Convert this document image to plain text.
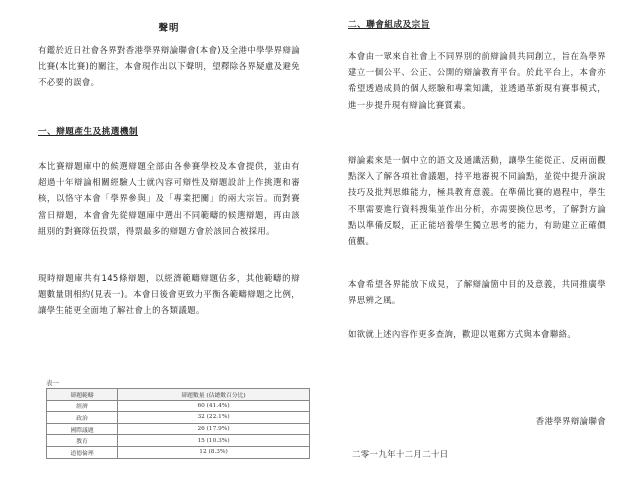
聲明

有鑑於近日社會各界對香港學界辯論聯會(本會)及全港中學學界辯論比賽(本比賽)的關注，本會現作出以下聲明，望釋除各界疑慮及避免不必要的誤會。

一、辯題產生及挑選機制

本比賽辯題庫中的候選辯題全部由各參賽學校及本會提供，並由有超過十年辯論相關經驗人士就內容可辯性及辯題設計上作挑選和審核，以恪守本會「學界參與」及「專業把關」的兩大宗旨。而對賽當日辯題，本會會先從辯題庫中選出不同範疇的候選辯題，再由該組別的對賽隊伍投票，得票最多的辯題方會於該回合被採用。

現時辯題庫共有145條辯題，以經濟範疇辯題佔多，其他範疇的辯題數量則相約(見表一)。本會日後會更致力平衡各範疇辯題之比例，讓學生能更全面地了解社會上的各類議題。

表一
辯題範疇	辯題數量 (佔總數百分比)
經濟	60 (41.4%)
政治	32 (22.1%)
國際議題	26 (17.9%)
教育	15 (10.3%)
道德倫理	12 (8.3%)

二、聯會組成及宗旨

本會由一眾來自社會上不同界別的前辯論員共同創立，旨在為學界建立一個公平、公正、公開的辯論教育平台。於此平台上，本會亦希望透過成員的個人經驗和專業知識，並透過革新現有賽事模式，進一步提升現有辯論比賽質素。

辯論素來是一個中立的語文及通識活動，讓學生能從正、反兩面觀點深入了解各項社會議題，持平地審視不同論點，並從中提升演說技巧及批判思維能力，極具教育意義。在準備比賽的過程中，學生不單需要進行資料搜集並作出分析，亦需要換位思考，了解對方論點以準備反駁，正正能培養學生獨立思考的能力，有助建立正確價值觀。

本會希望各界能放下成見，了解辯論箇中目的及意義，共同推廣學界思辨之風。

如欲就上述內容作更多查詢，歡迎以電郵方式與本會聯絡。

香港學界辯論聯會
二零一九年十二月二十日
